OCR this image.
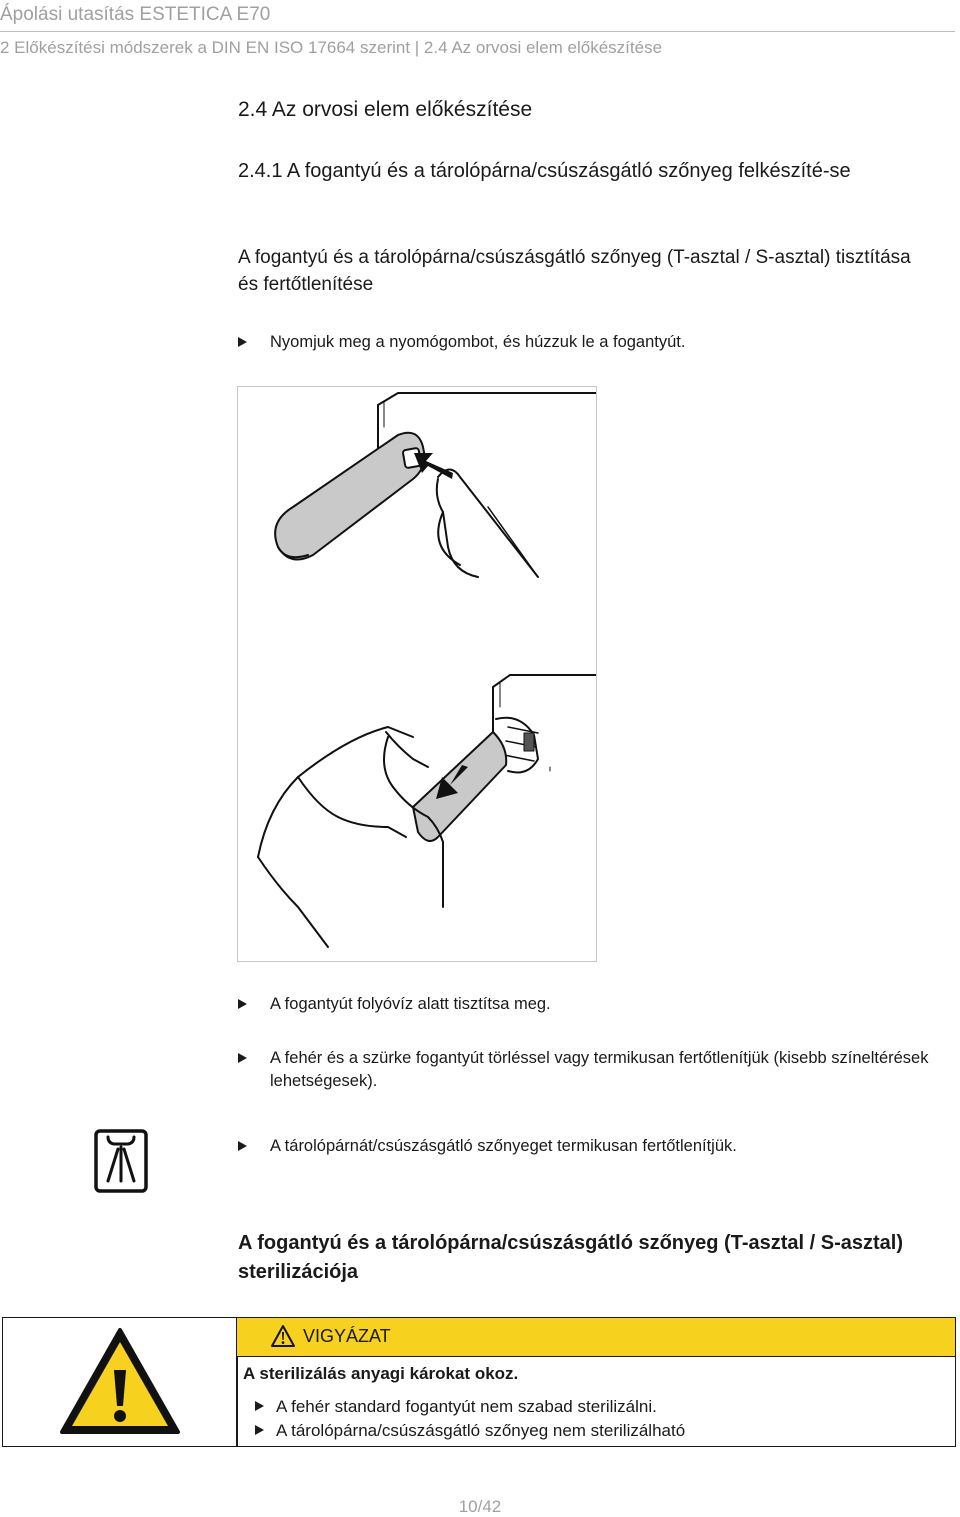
Ápolási utasítás ESTETICA E70
2 Előkészítési módszerek a DIN EN ISO 17664 szerint | 2.4 Az orvosi elem előkészítése
2.4 Az orvosi elem előkészítése
2.4.1 A fogantyú és a tárolópárna/csúszásgátló szőnyeg felkészíté-se
A fogantyú és a tárolópárna/csúszásgátló szőnyeg (T-asztal / S-asztal) tisztítása és fertőtlenítése
Nyomjuk meg a nyomógombot, és húzzuk le a fogantyút.
A fogantyút folyóvíz alatt tisztítsa meg.
A fehér és a szürke fogantyút törléssel vagy termikusan fertőtlenítjük (kisebb színeltérések lehetségesek).
A tárolópárnát/csúszásgátló szőnyeget termikusan fertőtlenítjük.
A fogantyú és a tárolópárna/csúszásgátló szőnyeg (T-asztal / S-asztal) sterilizációja
VIGYÁZAT
A sterilizálás anyagi károkat okoz.
A fehér standard fogantyút nem szabad sterilizálni.
A tárolópárna/csúszásgátló szőnyeg nem sterilizálható
10/42
